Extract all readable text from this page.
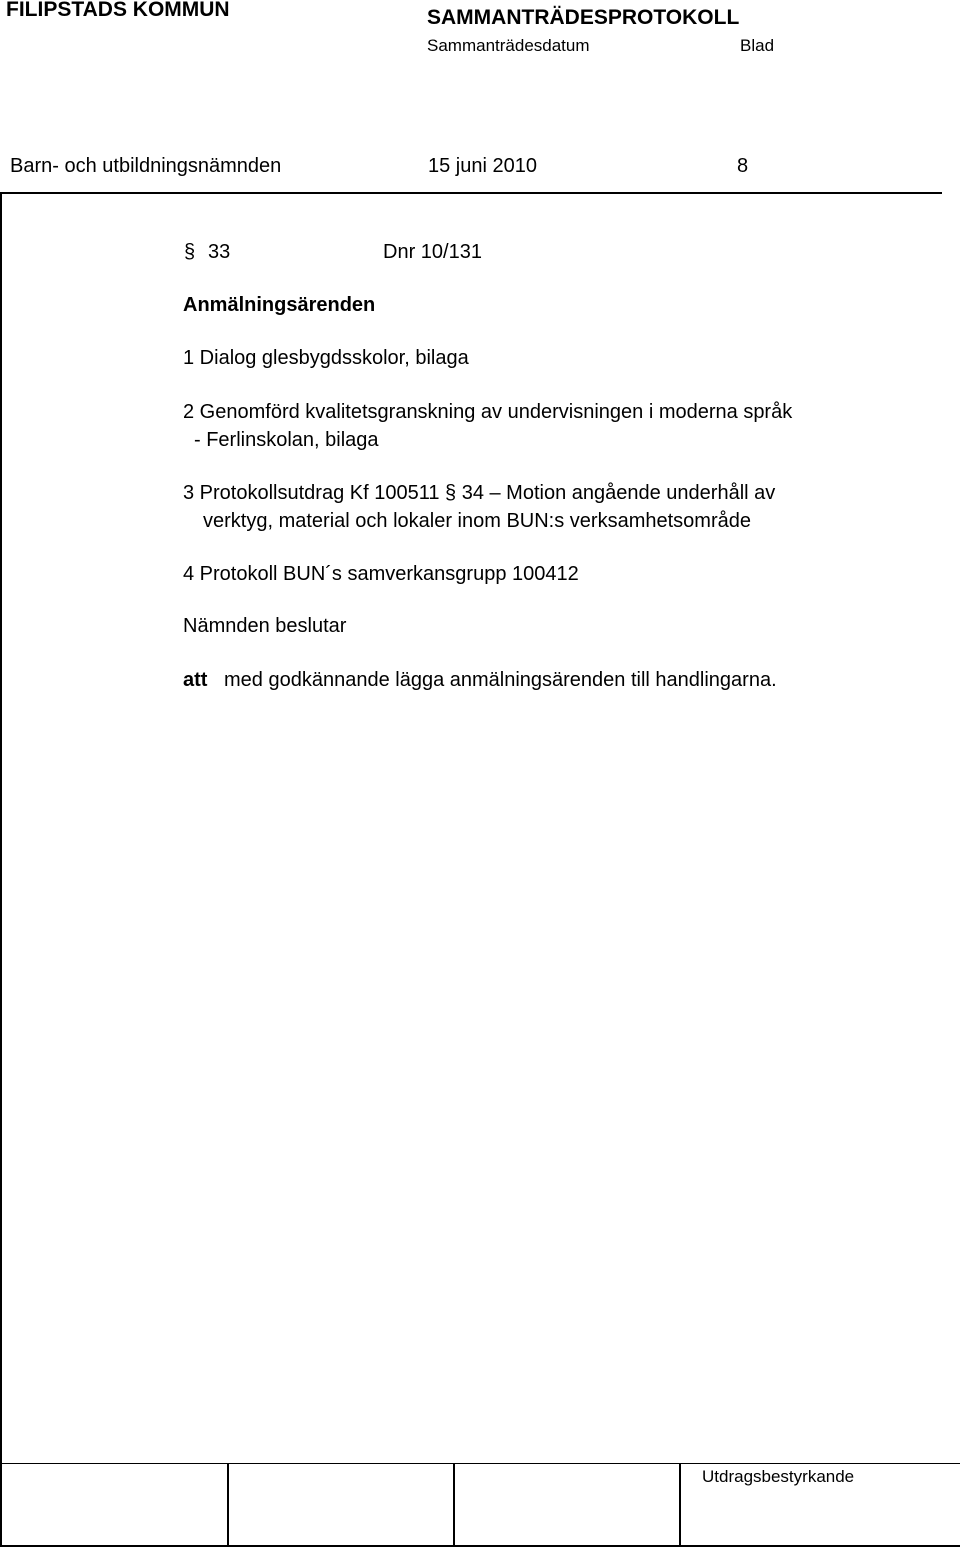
FILIPSTADS KOMMUN	SAMMANTRÄDESPROTOKOLL
Sammanträdesdatum	Blad
Barn- och utbildningsnämnden	15 juni 2010	8
§ 33	Dnr 10/131
Anmälningsärenden
1 Dialog glesbygdsskolor, bilaga
2 Genomförd kvalitetsgranskning av undervisningen i moderna språk
- Ferlinskolan, bilaga
3 Protokollsutdrag Kf 100511 § 34 – Motion angående underhåll av
verktyg, material och lokaler inom BUN:s verksamhetsområde
4 Protokoll BUN´s samverkansgrupp 100412
Nämnden beslutar
att med godkännande lägga anmälningsärenden till handlingarna.
Utdragsbestyrkande
